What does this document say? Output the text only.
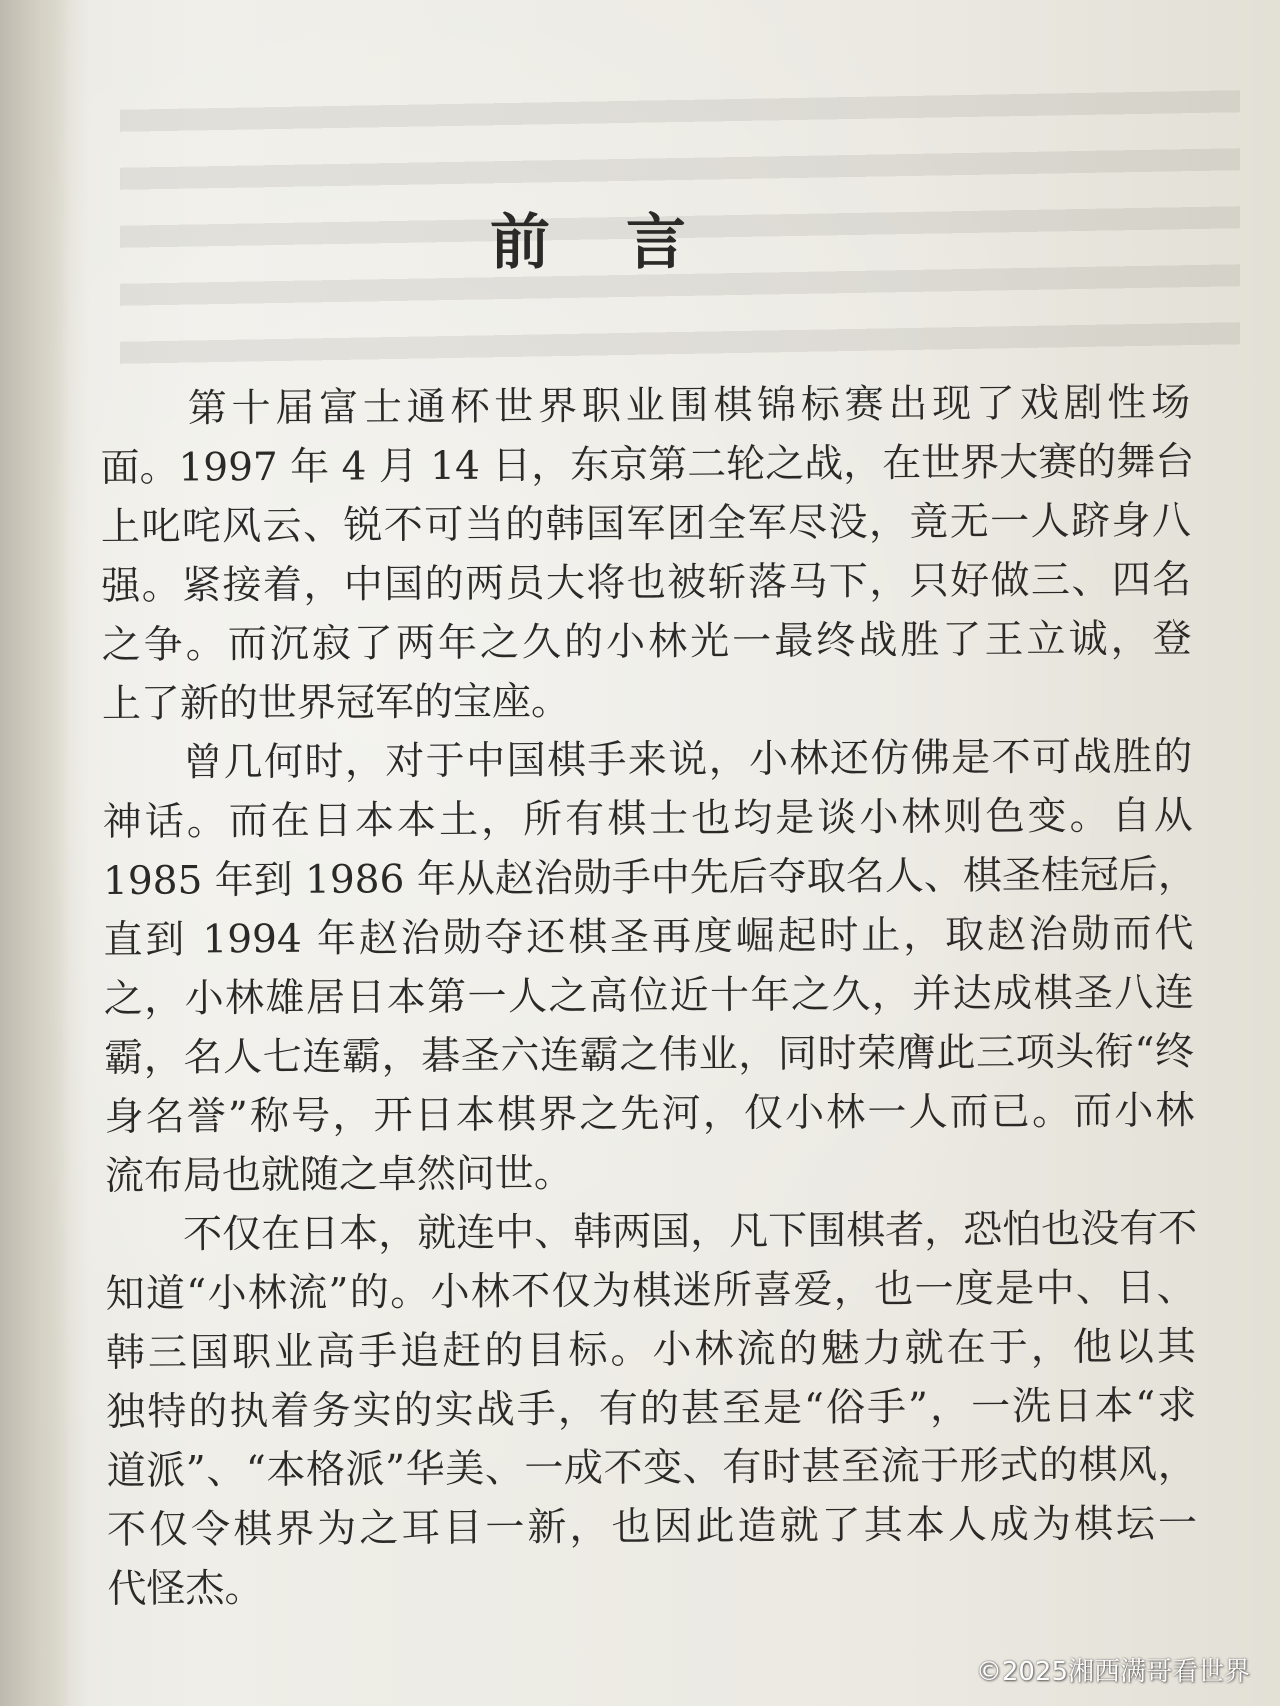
前言
　　第十届富士通杯世界职业围棋锦标赛出现了戏剧性场
面。1997 年 4 月 14 日，东京第二轮之战，在世界大赛的舞台
上叱咤风云、锐不可当的韩国军团全军尽没，竟无一人跻身八
强。紧接着，中国的两员大将也被斩落马下，只好做三、四名
之争。而沉寂了两年之久的小林光一最终战胜了王立诚，登
上了新的世界冠军的宝座。
　　曾几何时，对于中国棋手来说，小林还仿佛是不可战胜的
神话。而在日本本土，所有棋士也均是谈小林则色变。自从
1985 年到 1986 年从赵治勋手中先后夺取名人、棋圣桂冠后，
直到 1994 年赵治勋夺还棋圣再度崛起时止，取赵治勋而代
之，小林雄居日本第一人之高位近十年之久，并达成棋圣八连
霸，名人七连霸，碁圣六连霸之伟业，同时荣膺此三项头衔“终
身名誉”称号，开日本棋界之先河，仅小林一人而已。而小林
流布局也就随之卓然问世。
　　不仅在日本，就连中、韩两国，凡下围棋者，恐怕也没有不
知道“小林流”的。小林不仅为棋迷所喜爱，也一度是中、日、
韩三国职业高手追赶的目标。小林流的魅力就在于，他以其
独特的执着务实的实战手，有的甚至是“俗手”，一洗日本“求
道派”、“本格派”华美、一成不变、有时甚至流于形式的棋风，
不仅令棋界为之耳目一新，也因此造就了其本人成为棋坛一
代怪杰。
©2025湘西满哥看世界
